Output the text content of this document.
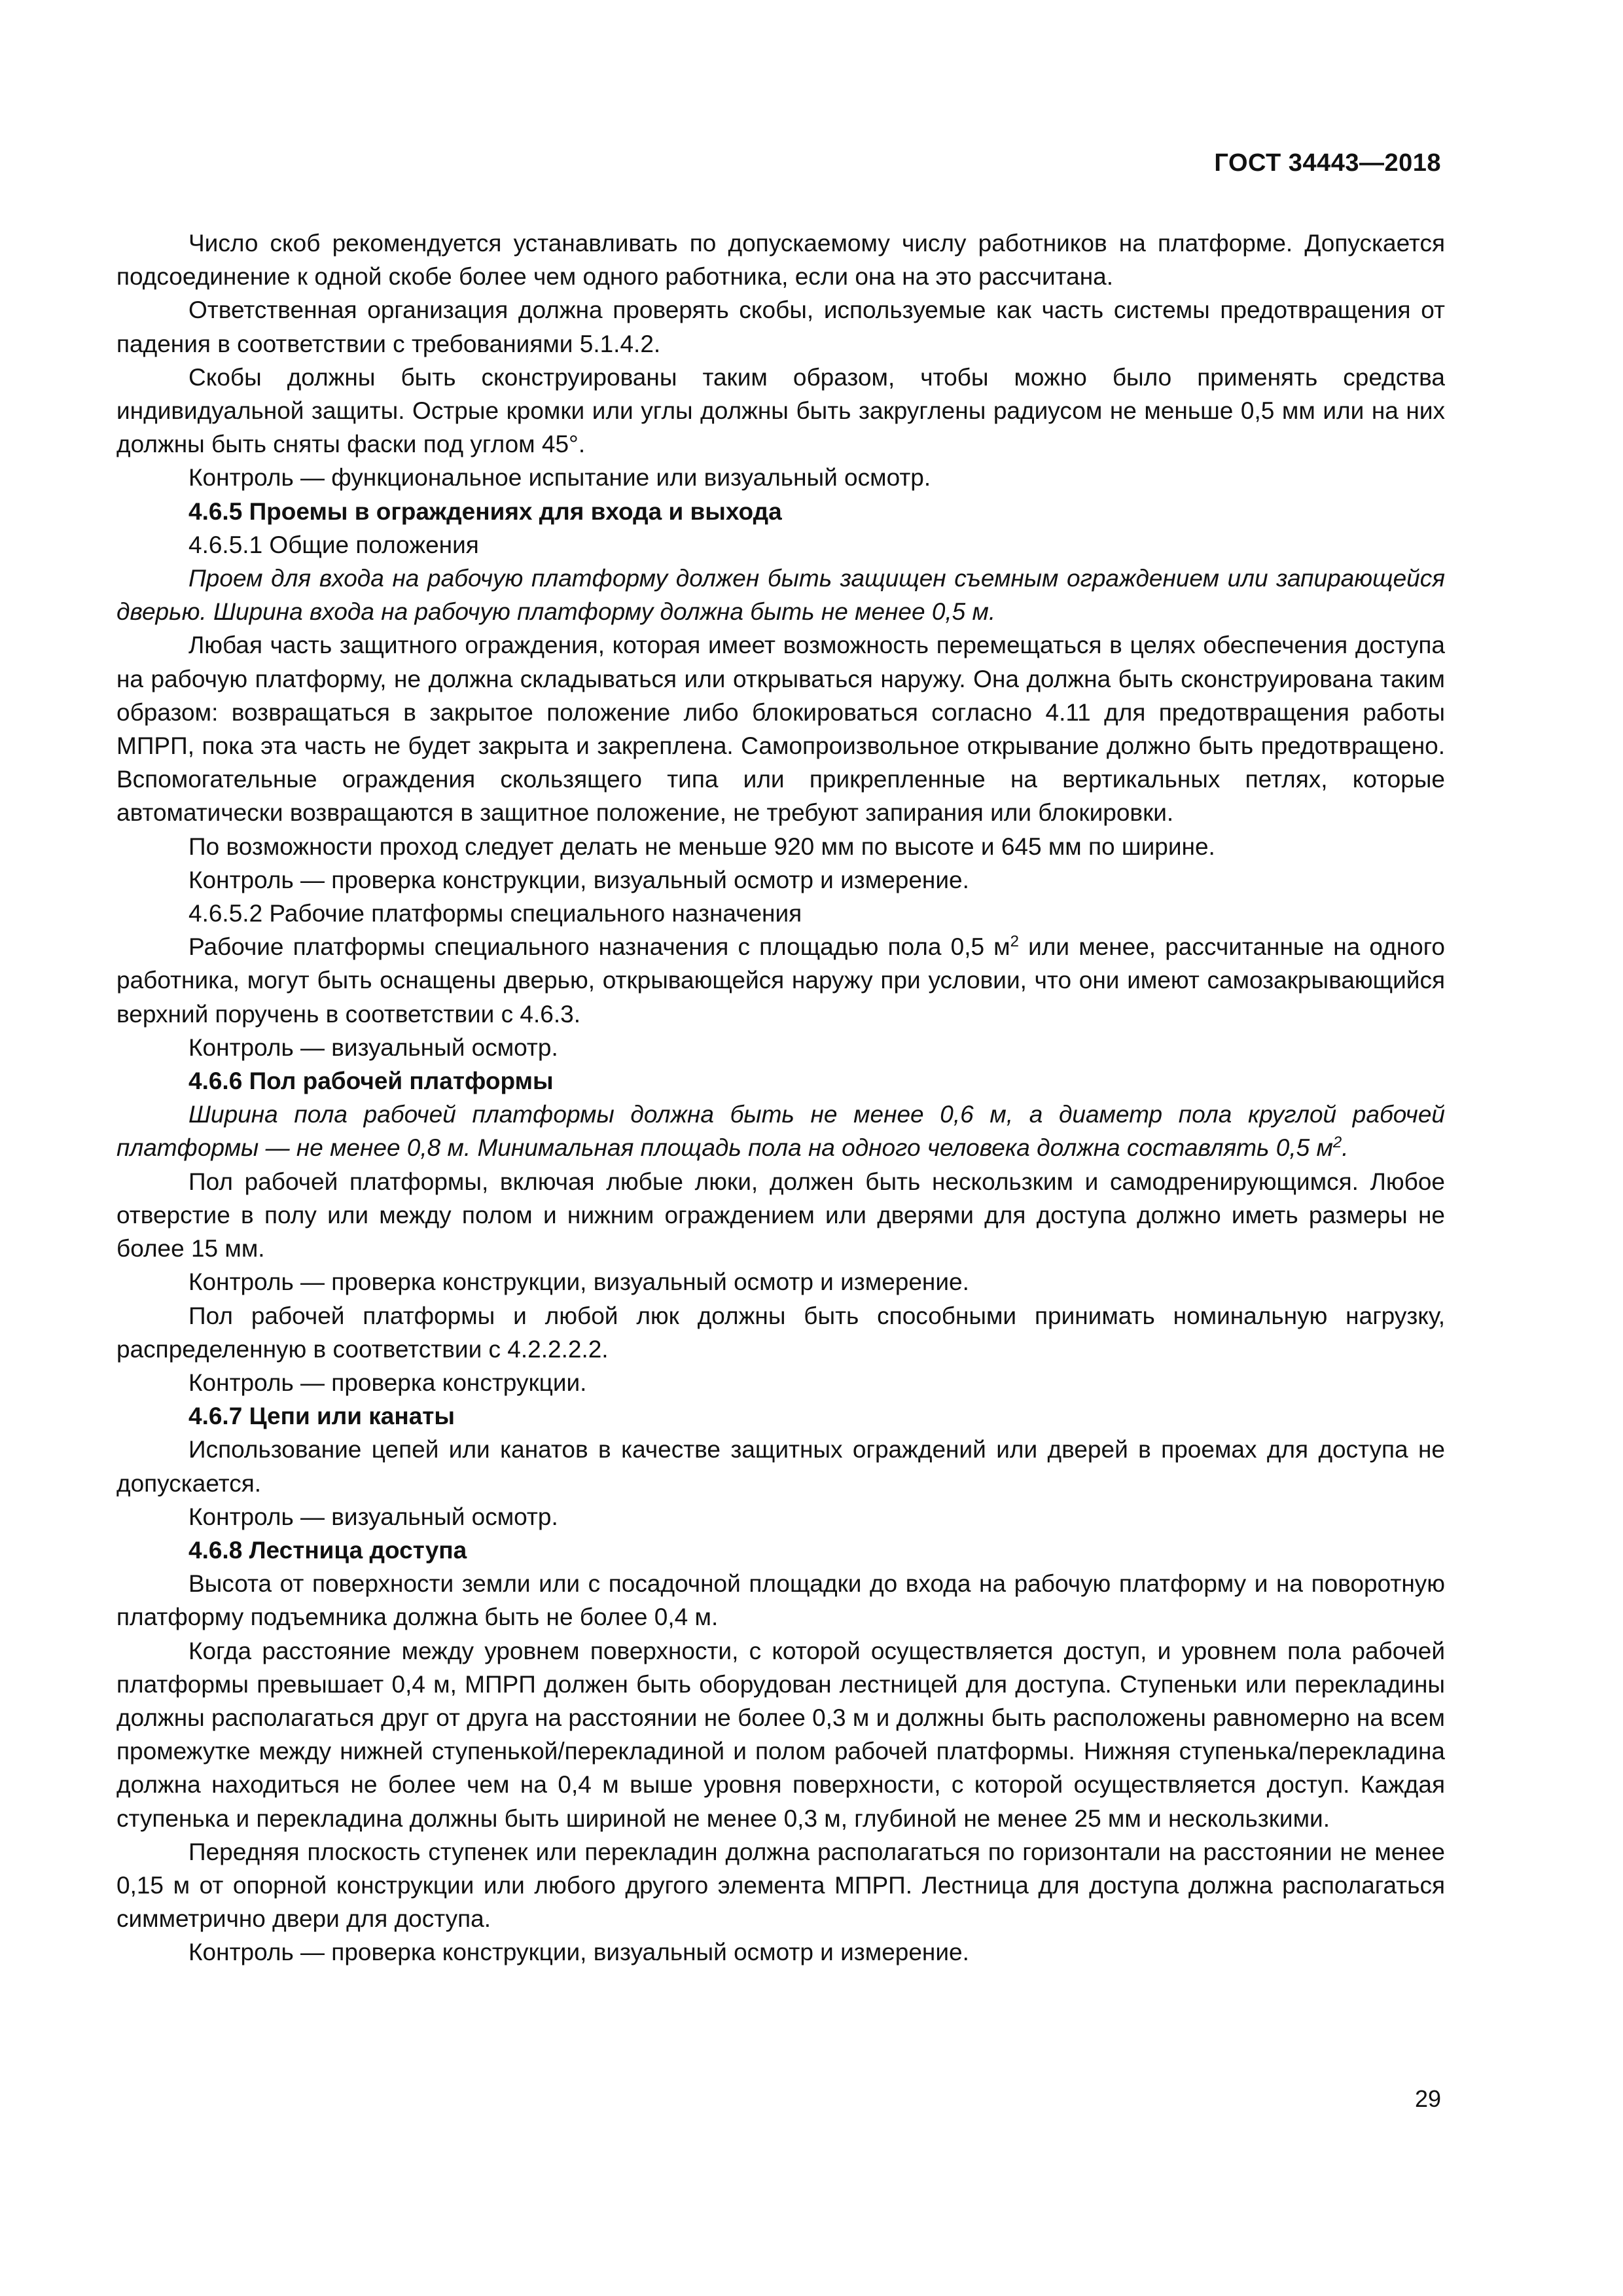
ГОСТ 34443—2018

Число скоб рекомендуется устанавливать по допускаемому числу работников на платформе. Допускается подсоединение к одной скобе более чем одного работника, если она на это рассчитана.

Ответственная организация должна проверять скобы, используемые как часть системы предотвращения от падения в соответствии с требованиями 5.1.4.2.

Скобы должны быть сконструированы таким образом, чтобы можно было применять средства индивидуальной защиты. Острые кромки или углы должны быть закруглены радиусом не меньше 0,5 мм или на них должны быть сняты фаски под углом 45°.

Контроль — функциональное испытание или визуальный осмотр.

4.6.5 Проемы в ограждениях для входа и выхода

4.6.5.1 Общие положения

Проем для входа на рабочую платформу должен быть защищен съемным ограждением или запирающейся дверью. Ширина входа на рабочую платформу должна быть не менее 0,5 м.

Любая часть защитного ограждения, которая имеет возможность перемещаться в целях обеспечения доступа на рабочую платформу, не должна складываться или открываться наружу. Она должна быть сконструирована таким образом: возвращаться в закрытое положение либо блокироваться согласно 4.11 для предотвращения работы МПРП, пока эта часть не будет закрыта и закреплена. Самопроизвольное открывание должно быть предотвращено. Вспомогательные ограждения скользящего типа или прикрепленные на вертикальных петлях, которые автоматически возвращаются в защитное положение, не требуют запирания или блокировки.

По возможности проход следует делать не меньше 920 мм по высоте и 645 мм по ширине.

Контроль — проверка конструкции, визуальный осмотр и измерение.

4.6.5.2 Рабочие платформы специального назначения

Рабочие платформы специального назначения с площадью пола 0,5 $м^2$ или менее, рассчитанные на одного работника, могут быть оснащены дверью, открывающейся наружу при условии, что они имеют самозакрывающийся верхний поручень в соответствии с 4.6.3.

Контроль — визуальный осмотр.

4.6.6 Пол рабочей платформы

Ширина пола рабочей платформы должна быть не менее 0,6 м, а диаметр пола круглой рабочей платформы — не менее 0,8 м. Минимальная площадь пола на одного человека должна составлять 0,5 $м^2$.

Пол рабочей платформы, включая любые люки, должен быть нескользким и самодренирующимся. Любое отверстие в полу или между полом и нижним ограждением или дверями для доступа должно иметь размеры не более 15 мм.

Контроль — проверка конструкции, визуальный осмотр и измерение.

Пол рабочей платформы и любой люк должны быть способными принимать номинальную нагрузку, распределенную в соответствии с 4.2.2.2.2.

Контроль — проверка конструкции.

4.6.7 Цепи или канаты

Использование цепей или канатов в качестве защитных ограждений или дверей в проемах для доступа не допускается.

Контроль — визуальный осмотр.

4.6.8 Лестница доступа

Высота от поверхности земли или с посадочной площадки до входа на рабочую платформу и на поворотную платформу подъемника должна быть не более 0,4 м.

Когда расстояние между уровнем поверхности, с которой осуществляется доступ, и уровнем пола рабочей платформы превышает 0,4 м, МПРП должен быть оборудован лестницей для доступа. Ступеньки или перекладины должны располагаться друг от друга на расстоянии не более 0,3 м и должны быть расположены равномерно на всем промежутке между нижней ступенькой/перекладиной и полом рабочей платформы. Нижняя ступенька/перекладина должна находиться не более чем на 0,4 м выше уровня поверхности, с которой осуществляется доступ. Каждая ступенька и перекладина должны быть шириной не менее 0,3 м, глубиной не менее 25 мм и нескользкими.

Передняя плоскость ступенек или перекладин должна располагаться по горизонтали на расстоянии не менее 0,15 м от опорной конструкции или любого другого элемента МПРП. Лестница для доступа должна располагаться симметрично двери для доступа.

Контроль — проверка конструкции, визуальный осмотр и измерение.

29
